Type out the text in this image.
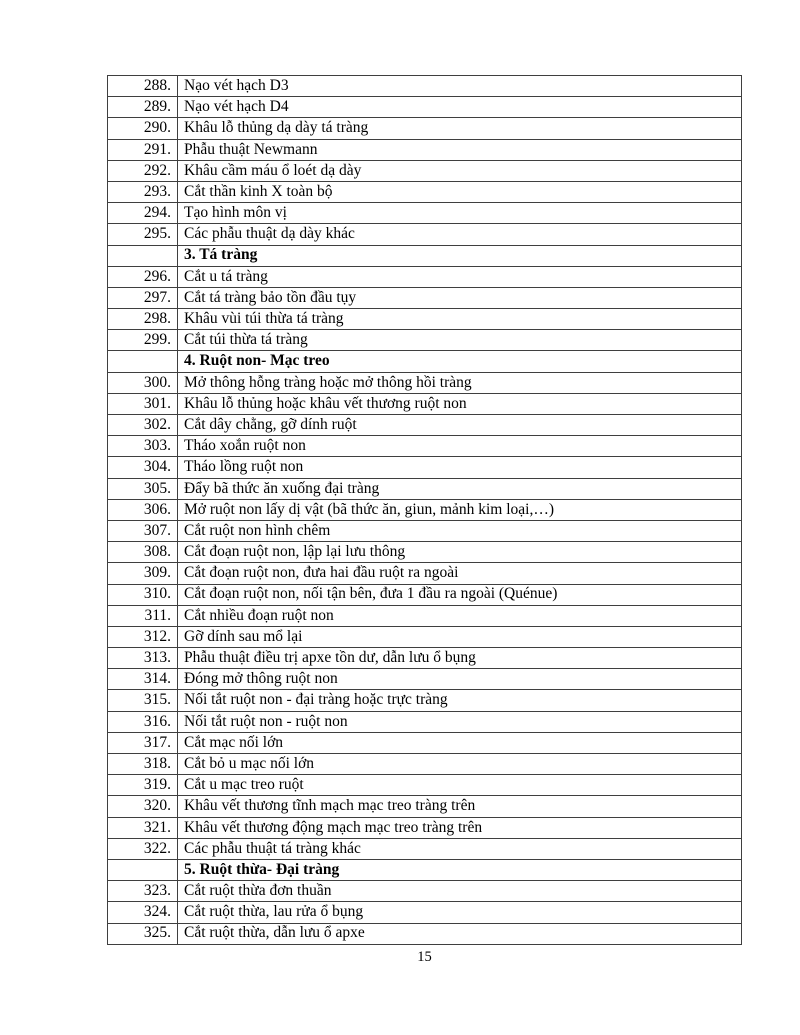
288.	Nạo vét hạch D3
289.	Nạo vét hạch D4
290.	Khâu lỗ thủng dạ dày tá tràng
291.	Phẫu thuật Newmann
292.	Khâu cầm máu ổ loét dạ dày
293.	Cắt thần kinh X toàn bộ
294.	Tạo hình môn vị
295.	Các phẫu thuật dạ dày khác
	3. Tá tràng
296.	Cắt u tá tràng
297.	Cắt tá tràng bảo tồn đầu tụy
298.	Khâu vùi túi thừa tá tràng
299.	Cắt túi thừa tá tràng
	4. Ruột non- Mạc treo
300.	Mở thông hỗng tràng hoặc mở thông hồi tràng
301.	Khâu lỗ thủng hoặc khâu vết thương ruột non
302.	Cắt dây chằng, gỡ dính ruột
303.	Tháo xoắn ruột non
304.	Tháo lồng ruột non
305.	Đẩy bã thức ăn xuống đại tràng
306.	Mở ruột non lấy dị vật (bã thức ăn, giun, mảnh kim loại,…)
307.	Cắt ruột non hình chêm
308.	Cắt đoạn ruột non, lập lại lưu thông
309.	Cắt đoạn ruột non, đưa hai đầu ruột ra ngoài
310.	Cắt đoạn ruột non, nối tận bên, đưa 1 đầu ra ngoài (Quénue)
311.	Cắt nhiều đoạn ruột non
312.	Gỡ dính sau mổ lại
313.	Phẫu thuật điều trị apxe tồn dư, dẫn lưu ổ bụng
314.	Đóng mở thông ruột non
315.	Nối tắt ruột non - đại tràng hoặc trực tràng
316.	Nối tắt ruột non - ruột non
317.	Cắt mạc nối lớn
318.	Cắt bỏ u mạc nối lớn
319.	Cắt u mạc treo ruột
320.	Khâu vết thương tĩnh mạch mạc treo tràng trên
321.	Khâu vết thương động mạch mạc treo tràng trên
322.	Các phẫu thuật tá tràng khác
	5. Ruột thừa- Đại tràng
323.	Cắt ruột thừa đơn thuần
324.	Cắt ruột thừa, lau rửa ổ bụng
325.	Cắt ruột thừa, dẫn lưu ổ apxe
15
